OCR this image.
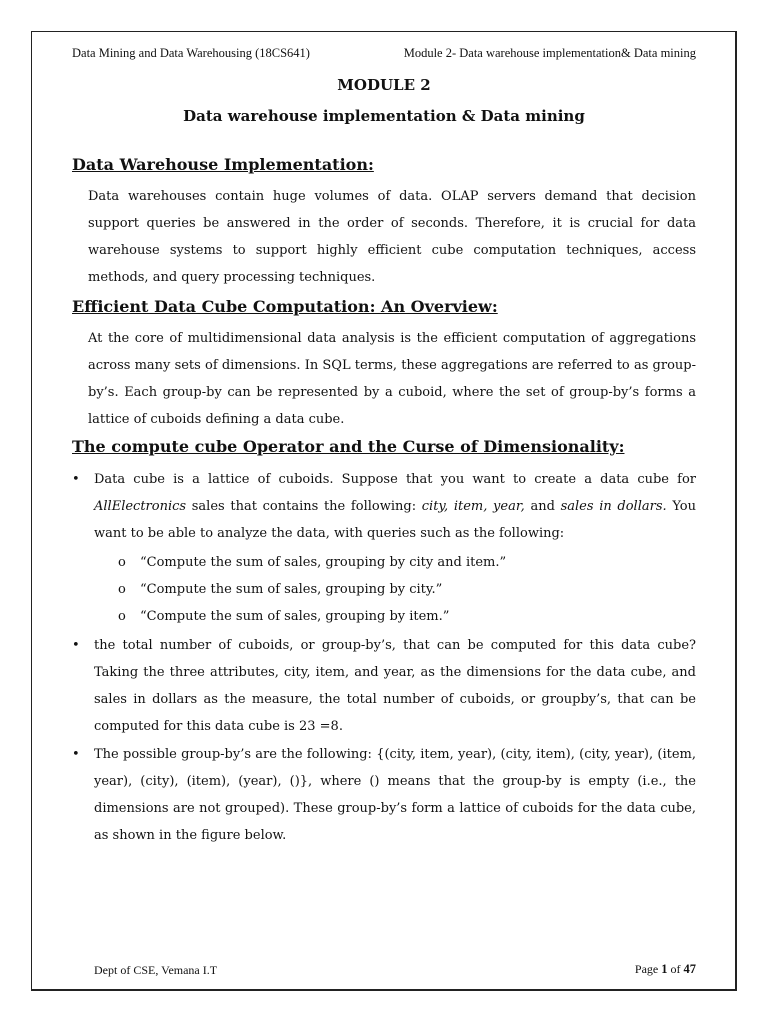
Data Mining and Data Warehousing (18CS641)	Module 2- Data warehouse implementation& Data mining
MODULE 2
Data warehouse implementation & Data mining
Data Warehouse Implementation:
Data warehouses contain huge volumes of data. OLAP servers demand that decision support queries be answered in the order of seconds. Therefore, it is crucial for data warehouse systems to support highly efficient cube computation techniques, access methods, and query processing techniques.
Efficient Data Cube Computation: An Overview:
At the core of multidimensional data analysis is the efficient computation of aggregations across many sets of dimensions. In SQL terms, these aggregations are referred to as group-by’s. Each group-by can be represented by a cuboid, where the set of group-by’s forms a lattice of cuboids defining a data cube.
The compute cube Operator and the Curse of Dimensionality:
• Data cube is a lattice of cuboids. Suppose that you want to create a data cube for AllElectronics sales that contains the following: city, item, year, and sales in dollars. You want to be able to analyze the data, with queries such as the following:
o “Compute the sum of sales, grouping by city and item.”
o “Compute the sum of sales, grouping by city.”
o “Compute the sum of sales, grouping by item.”
• the total number of cuboids, or group-by’s, that can be computed for this data cube? Taking the three attributes, city, item, and year, as the dimensions for the data cube, and sales in dollars as the measure, the total number of cuboids, or groupby’s, that can be computed for this data cube is 23 =8.
• The possible group-by’s are the following: {(city, item, year), (city, item), (city, year), (item, year), (city), (item), (year), ()}, where () means that the group-by is empty (i.e., the dimensions are not grouped). These group-by’s form a lattice of cuboids for the data cube, as shown in the figure below.
Dept of CSE, Vemana I.T	Page 1 of 47
